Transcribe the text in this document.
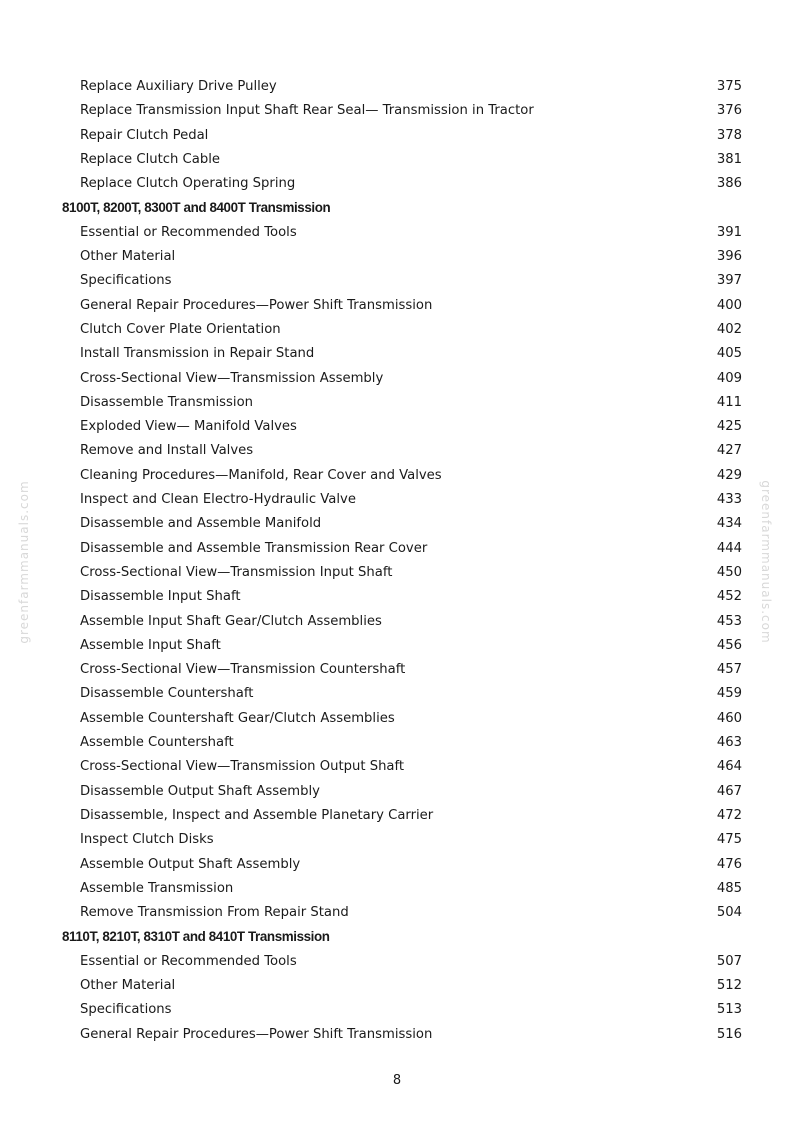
Replace Auxiliary Drive Pulley	375
Replace Transmission Input Shaft Rear Seal— Transmission in Tractor	376
Repair Clutch Pedal	378
Replace Clutch Cable	381
Replace Clutch Operating Spring	386
8100T, 8200T, 8300T and 8400T Transmission
Essential or Recommended Tools	391
Other Material	396
Specifications	397
General Repair Procedures—Power Shift Transmission	400
Clutch Cover Plate Orientation	402
Install Transmission in Repair Stand	405
Cross-Sectional View—Transmission Assembly	409
Disassemble Transmission	411
Exploded View— Manifold Valves	425
Remove and Install Valves	427
Cleaning Procedures—Manifold, Rear Cover and Valves	429
Inspect and Clean Electro-Hydraulic Valve	433
Disassemble and Assemble Manifold	434
Disassemble and Assemble Transmission Rear Cover	444
Cross-Sectional View—Transmission Input Shaft	450
Disassemble Input Shaft	452
Assemble Input Shaft Gear/Clutch Assemblies	453
Assemble Input Shaft	456
Cross-Sectional View—Transmission Countershaft	457
Disassemble Countershaft	459
Assemble Countershaft Gear/Clutch Assemblies	460
Assemble Countershaft	463
Cross-Sectional View—Transmission Output Shaft	464
Disassemble Output Shaft Assembly	467
Disassemble, Inspect and Assemble Planetary Carrier	472
Inspect Clutch Disks	475
Assemble Output Shaft Assembly	476
Assemble Transmission	485
Remove Transmission From Repair Stand	504
8110T, 8210T, 8310T and 8410T Transmission
Essential or Recommended Tools	507
Other Material	512
Specifications	513
General Repair Procedures—Power Shift Transmission	516
greenfarmmanuals.com	greenfarmmanuals.com
8
